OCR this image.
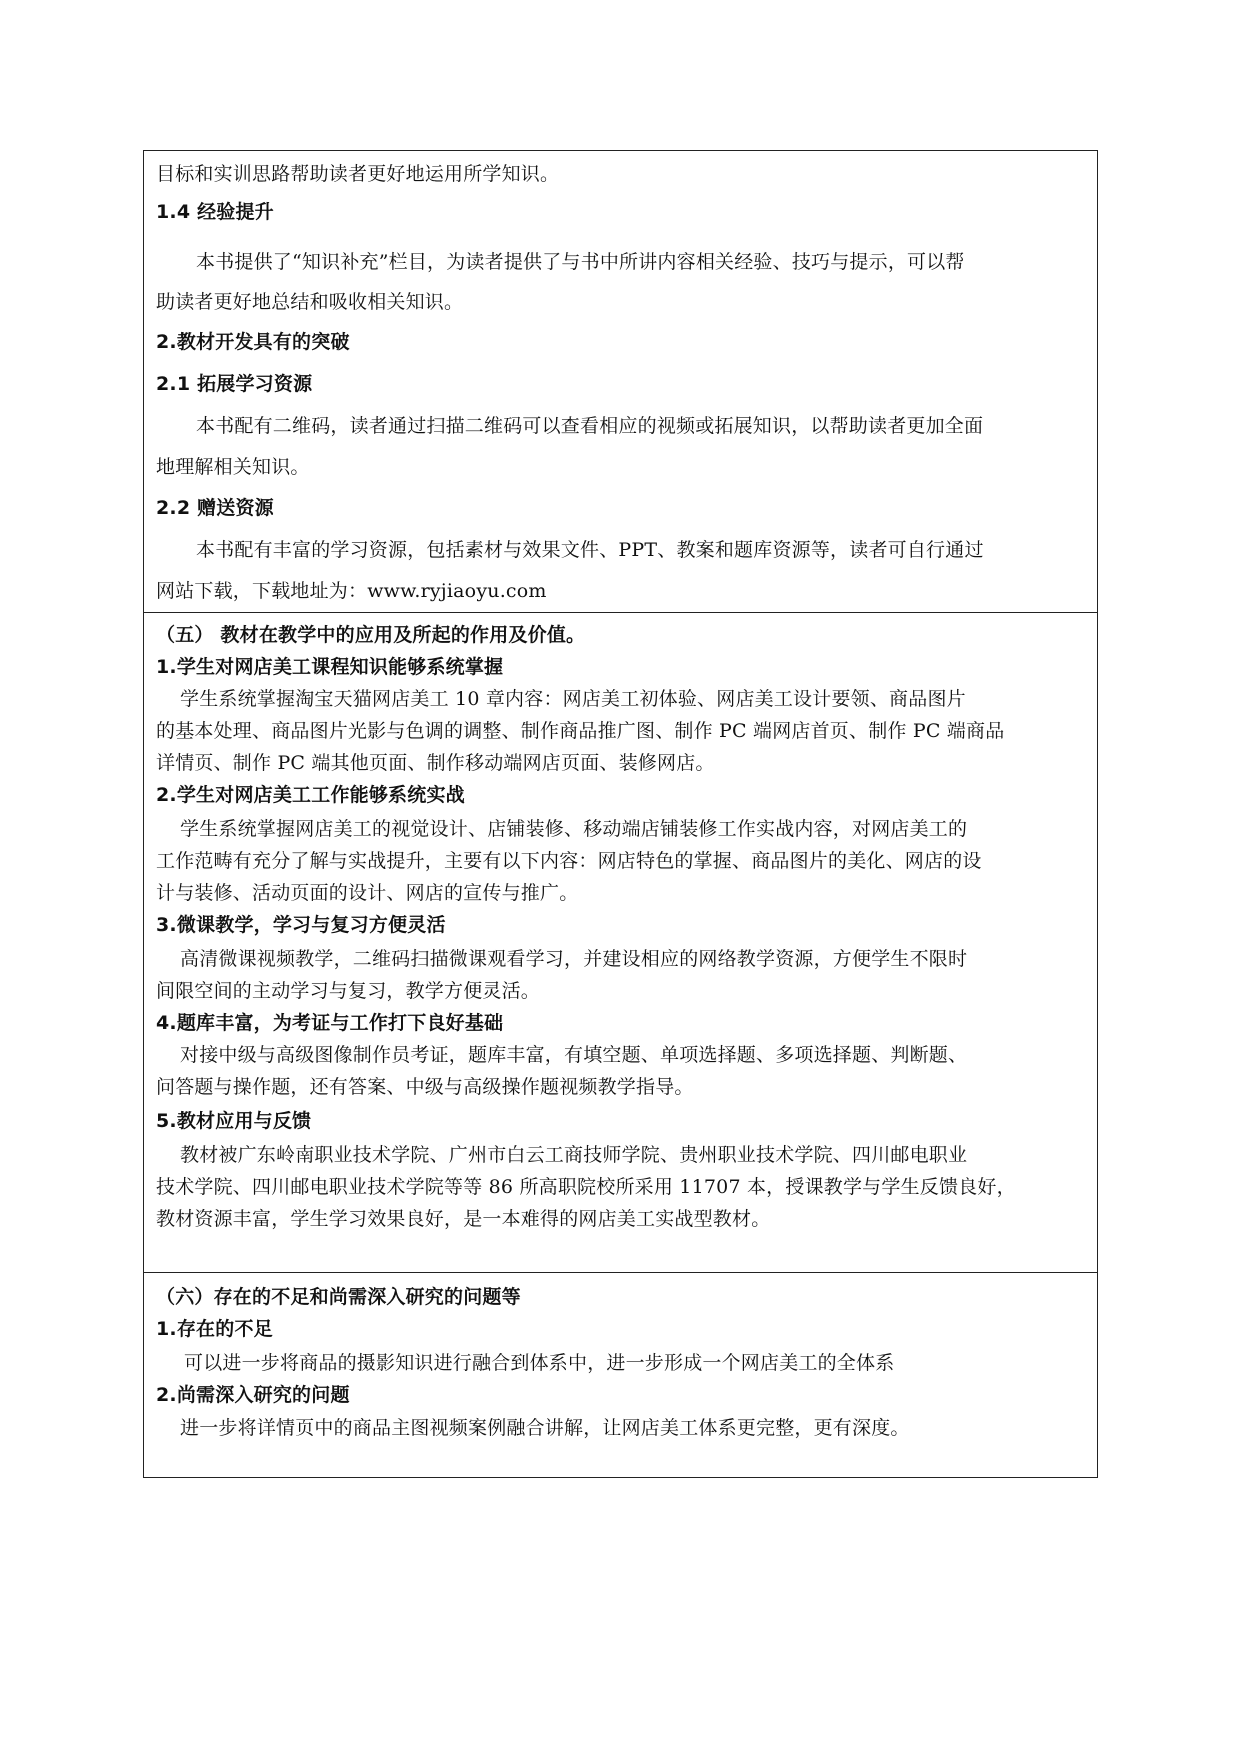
目标和实训思路帮助读者更好地运用所学知识。
1.4 经验提升
本书提供了“知识补充”栏目，为读者提供了与书中所讲内容相关经验、技巧与提示，可以帮
助读者更好地总结和吸收相关知识。
2.教材开发具有的突破
2.1 拓展学习资源
本书配有二维码，读者通过扫描二维码可以查看相应的视频或拓展知识，以帮助读者更加全面
地理解相关知识。
2.2 赠送资源
本书配有丰富的学习资源，包括素材与效果文件、PPT、教案和题库资源等，读者可自行通过
网站下载，下载地址为：www.ryjiaoyu.com
（五） 教材在教学中的应用及所起的作用及价值。
1.学生对网店美工课程知识能够系统掌握
学生系统掌握淘宝天猫网店美工 10 章内容：网店美工初体验、网店美工设计要领、商品图片
的基本处理、商品图片光影与色调的调整、制作商品推广图、制作 PC 端网店首页、制作 PC 端商品
详情页、制作 PC 端其他页面、制作移动端网店页面、装修网店。
2.学生对网店美工工作能够系统实战
学生系统掌握网店美工的视觉设计、店铺装修、移动端店铺装修工作实战内容，对网店美工的
工作范畴有充分了解与实战提升，主要有以下内容：网店特色的掌握、商品图片的美化、网店的设
计与装修、活动页面的设计、网店的宣传与推广。
3.微课教学，学习与复习方便灵活
高清微课视频教学，二维码扫描微课观看学习，并建设相应的网络教学资源，方便学生不限时
间限空间的主动学习与复习，教学方便灵活。
4.题库丰富，为考证与工作打下良好基础
对接中级与高级图像制作员考证，题库丰富，有填空题、单项选择题、多项选择题、判断题、
问答题与操作题，还有答案、中级与高级操作题视频教学指导。
5.教材应用与反馈
教材被广东岭南职业技术学院、广州市白云工商技师学院、贵州职业技术学院、四川邮电职业
技术学院、四川邮电职业技术学院等等 86 所高职院校所采用 11707 本，授课教学与学生反馈良好，
教材资源丰富，学生学习效果良好，是一本难得的网店美工实战型教材。
（六）存在的不足和尚需深入研究的问题等
1.存在的不足
可以进一步将商品的摄影知识进行融合到体系中，进一步形成一个网店美工的全体系
2.尚需深入研究的问题
进一步将详情页中的商品主图视频案例融合讲解，让网店美工体系更完整，更有深度。
